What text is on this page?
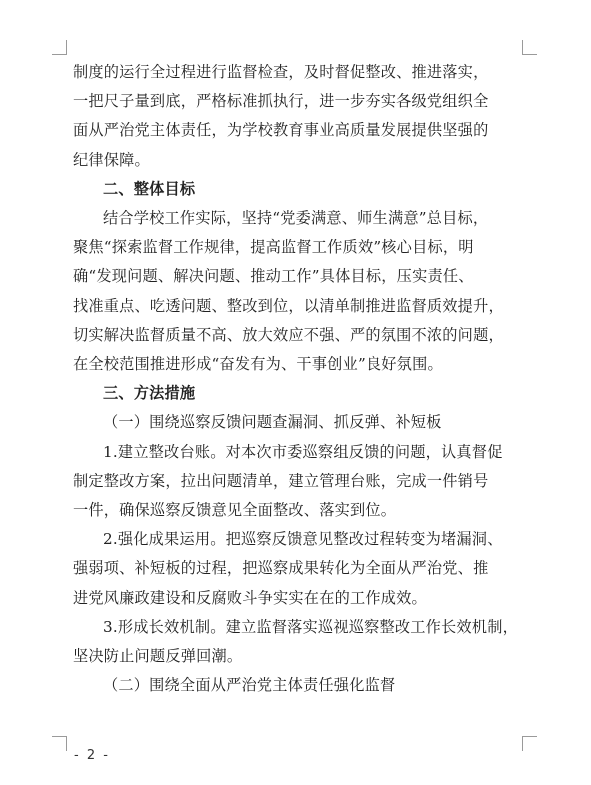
制度的运行全过程进行监督检查，及时督促整改、推进落实，

一把尺子量到底，严格标准抓执行，进一步夯实各级党组织全

面从严治党主体责任，为学校教育事业高质量发展提供坚强的

纪律保障。

二、整体目标

结合学校工作实际，坚持“党委满意、师生满意”总目标，

聚焦“探索监督工作规律，提高监督工作质效”核心目标，明

确“发现问题、解决问题、推动工作”具体目标，压实责任、

找准重点、吃透问题、整改到位，以清单制推进监督质效提升，

切实解决监督质量不高、放大效应不强、严的氛围不浓的问题，

在全校范围推进形成“奋发有为、干事创业”良好氛围。

三、方法措施

（一）围绕巡察反馈问题查漏洞、抓反弹、补短板

1.建立整改台账。对本次市委巡察组反馈的问题，认真督促

制定整改方案，拉出问题清单，建立管理台账，完成一件销号

一件，确保巡察反馈意见全面整改、落实到位。

2.强化成果运用。把巡察反馈意见整改过程转变为堵漏洞、

强弱项、补短板的过程，把巡察成果转化为全面从严治党、推

进党风廉政建设和反腐败斗争实实在在的工作成效。

3.形成长效机制。建立监督落实巡视巡察整改工作长效机制，

坚决防止问题反弹回潮。

（二）围绕全面从严治党主体责任强化监督

- 2 -
